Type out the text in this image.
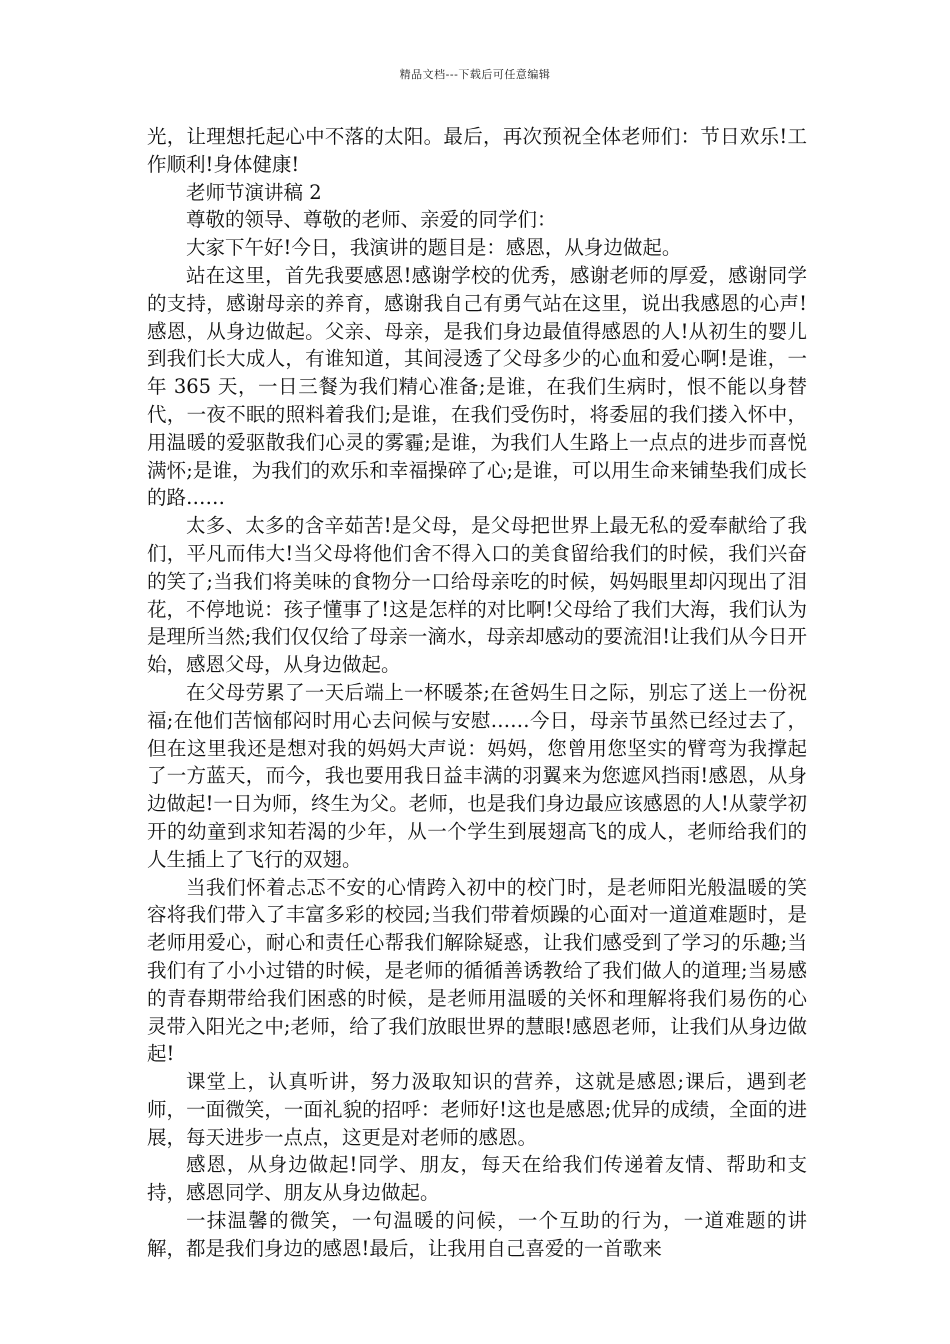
精品文档---下载后可任意编辑

光，让理想托起心中不落的太阳。最后，再次预祝全体老师们：节日欢乐!工作顺利!身体健康!

老师节演讲稿 2

尊敬的领导、尊敬的老师、亲爱的同学们：

大家下午好!今日，我演讲的题目是：感恩，从身边做起。

站在这里，首先我要感恩!感谢学校的优秀，感谢老师的厚爱，感谢同学的支持，感谢母亲的养育，感谢我自己有勇气站在这里，说出我感恩的心声!感恩，从身边做起。父亲、母亲，是我们身边最值得感恩的人!从初生的婴儿到我们长大成人，有谁知道，其间浸透了父母多少的心血和爱心啊!是谁，一年 365 天，一日三餐为我们精心准备;是谁，在我们生病时，恨不能以身替代，一夜不眠的照料着我们;是谁，在我们受伤时，将委屈的我们搂入怀中，用温暖的爱驱散我们心灵的雾霾;是谁，为我们人生路上一点点的进步而喜悦满怀;是谁，为我们的欢乐和幸福操碎了心;是谁，可以用生命来铺垫我们成长的路……

太多、太多的含辛茹苦!是父母，是父母把世界上最无私的爱奉献给了我们，平凡而伟大!当父母将他们舍不得入口的美食留给我们的时候，我们兴奋的笑了;当我们将美味的食物分一口给母亲吃的时候，妈妈眼里却闪现出了泪花，不停地说：孩子懂事了!这是怎样的对比啊!父母给了我们大海，我们认为是理所当然;我们仅仅给了母亲一滴水，母亲却感动的要流泪!让我们从今日开始，感恩父母，从身边做起。

在父母劳累了一天后端上一杯暖茶;在爸妈生日之际，别忘了送上一份祝福;在他们苦恼郁闷时用心去问候与安慰……今日，母亲节虽然已经过去了，但在这里我还是想对我的妈妈大声说：妈妈，您曾用您坚实的臂弯为我撑起了一方蓝天，而今，我也要用我日益丰满的羽翼来为您遮风挡雨!感恩，从身边做起!一日为师，终生为父。老师，也是我们身边最应该感恩的人!从蒙学初开的幼童到求知若渴的少年，从一个学生到展翅高飞的成人，老师给我们的人生插上了飞行的双翅。

当我们怀着忐忑不安的心情跨入初中的校门时，是老师阳光般温暖的笑容将我们带入了丰富多彩的校园;当我们带着烦躁的心面对一道道难题时，是老师用爱心，耐心和责任心帮我们解除疑惑，让我们感受到了学习的乐趣;当我们有了小小过错的时候，是老师的循循善诱教给了我们做人的道理;当易感的青春期带给我们困惑的时候，是老师用温暖的关怀和理解将我们易伤的心灵带入阳光之中;老师，给了我们放眼世界的慧眼!感恩老师，让我们从身边做起!

课堂上，认真听讲，努力汲取知识的营养，这就是感恩;课后，遇到老师，一面微笑，一面礼貌的招呼：老师好!这也是感恩;优异的成绩，全面的进展，每天进步一点点，这更是对老师的感恩。

感恩，从身边做起!同学、朋友，每天在给我们传递着友情、帮助和支持，感恩同学、朋友从身边做起。

一抹温馨的微笑，一句温暖的问候，一个互助的行为，一道难题的讲解，都是我们身边的感恩!最后，让我用自己喜爱的一首歌来
